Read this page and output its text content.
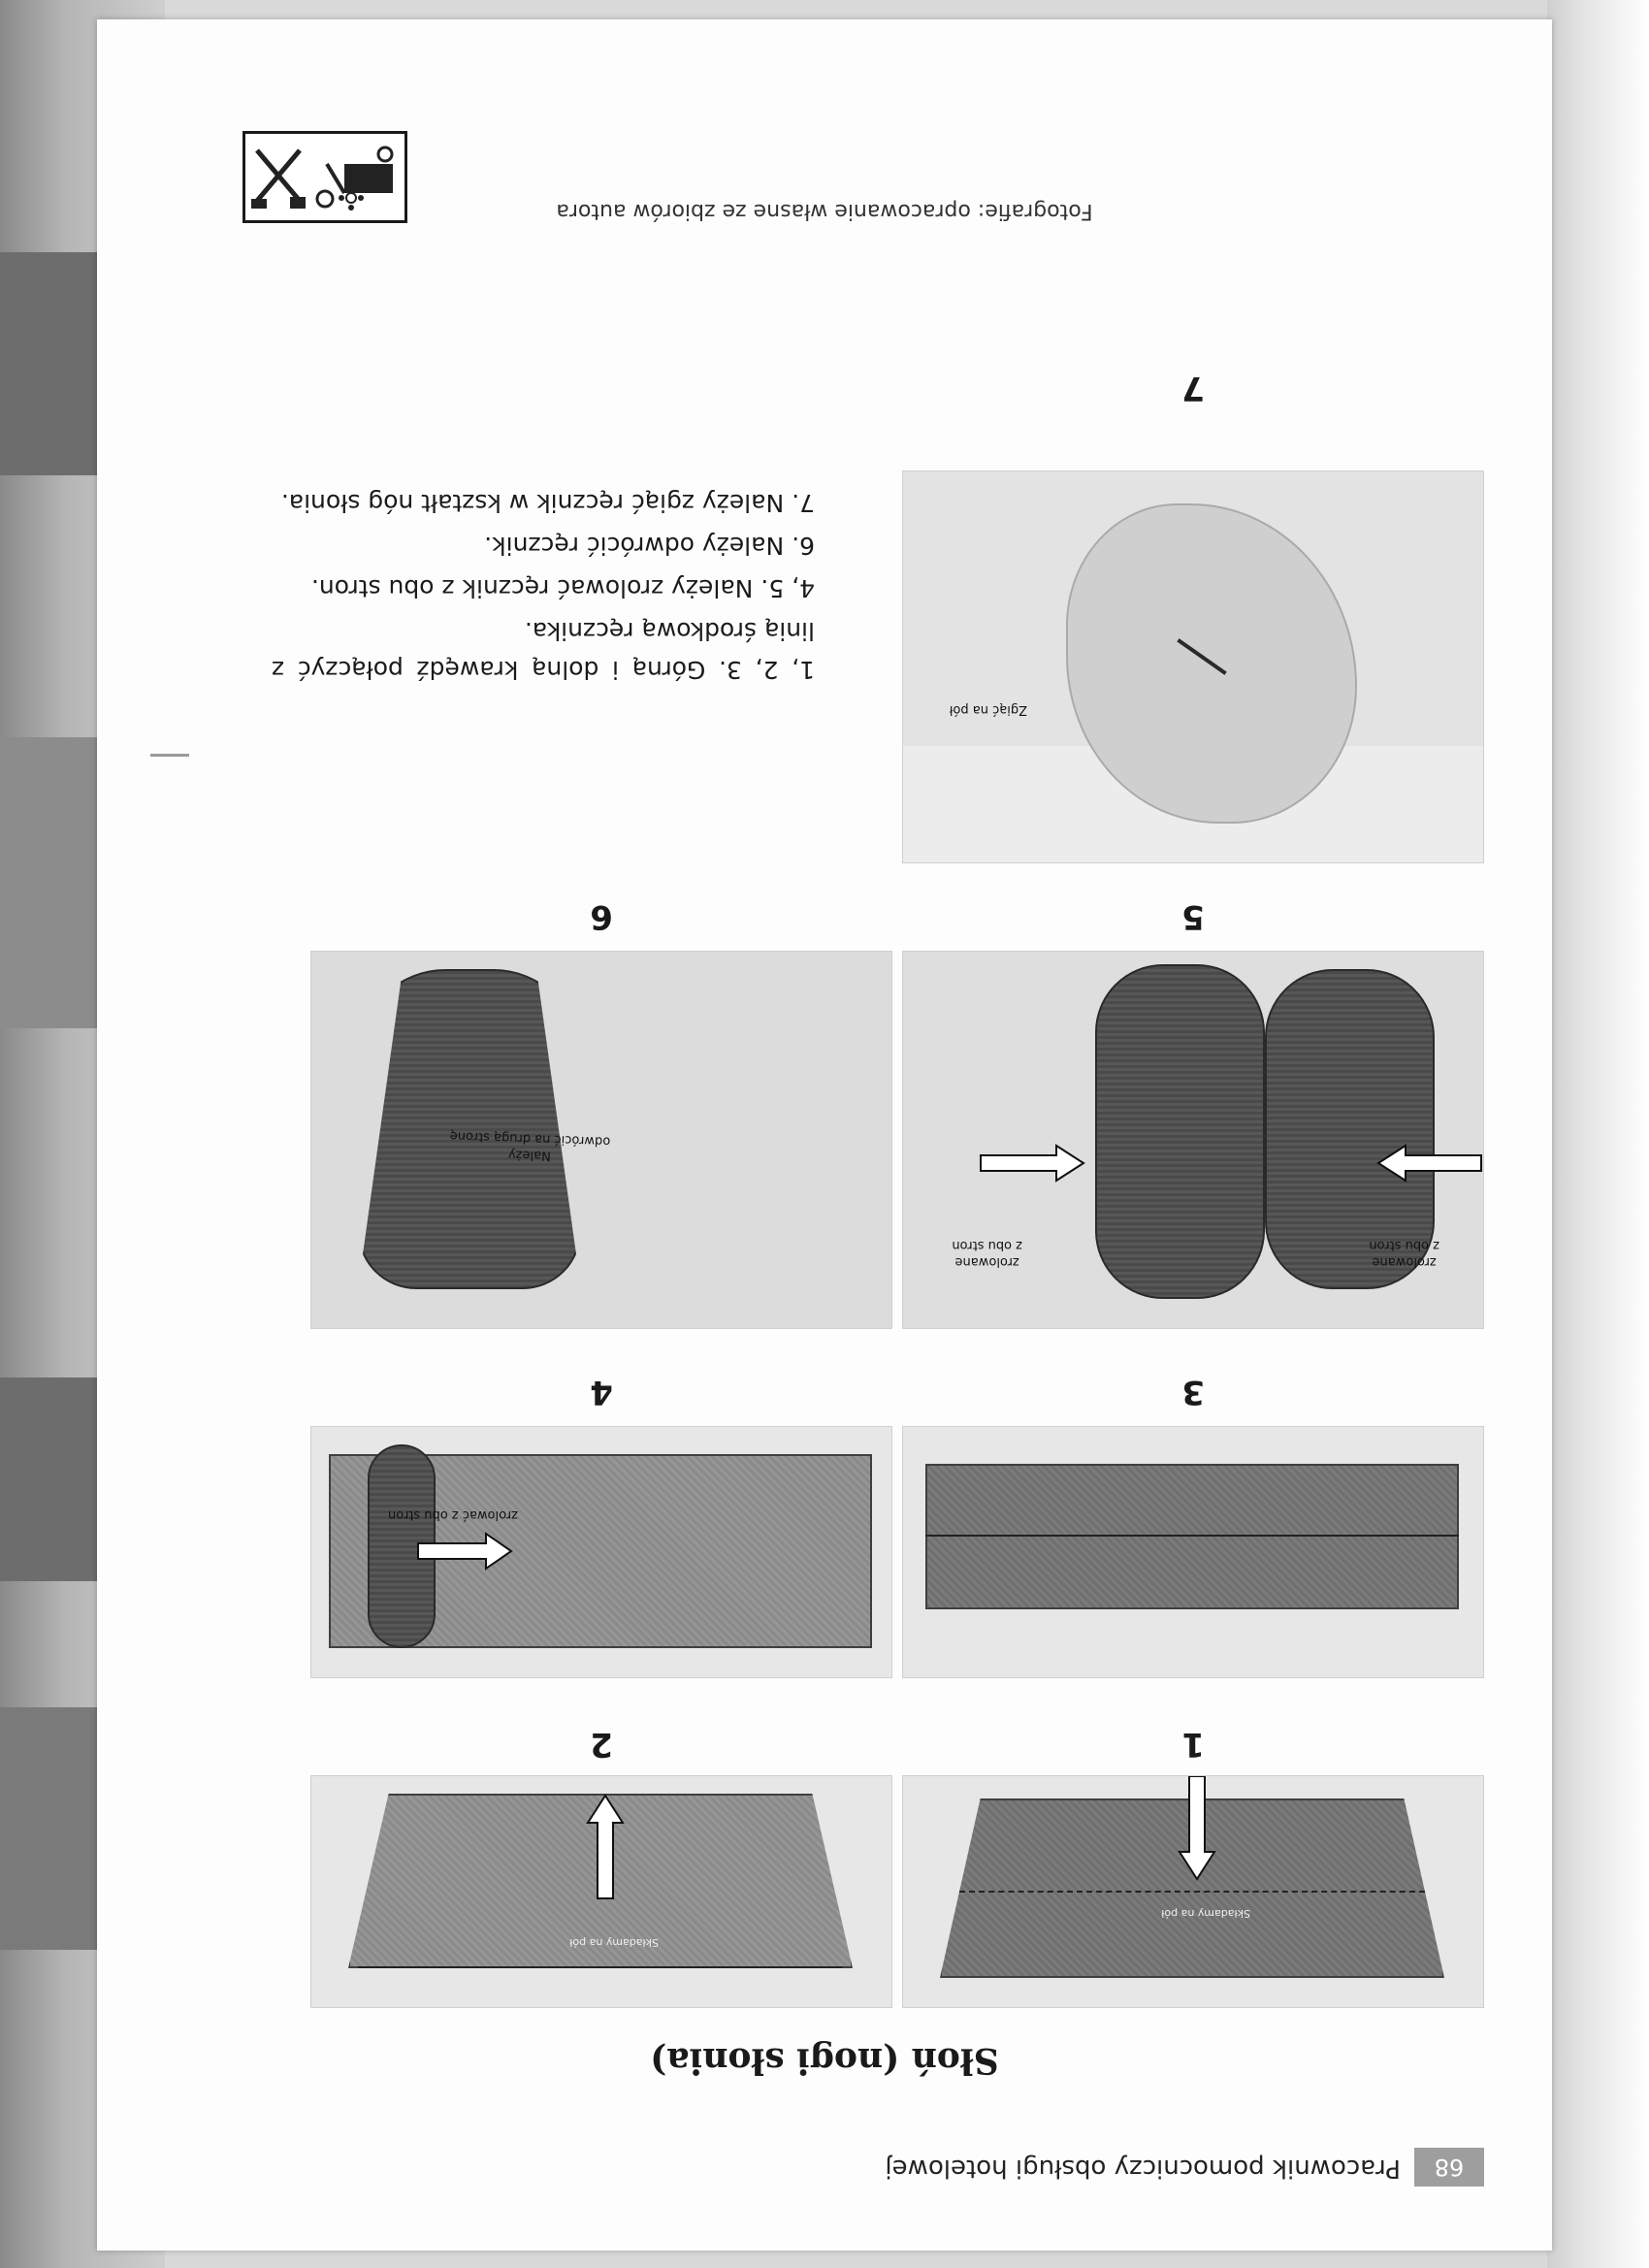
68
Pracownik pomocniczy obsługi hotelowej
Słoń (nogi słonia)
Składamy na pół
1
Składamy na pół
2
3
zrolować z obu stron
4
zrolowane
z obu stron
zrolowane
z obu stron
5
Należy
odwrócić na drugą stronę
6
Zgiąć na pół
7

1, 2, 3. Górną i dolną krawędź połączyć z linią środkową ręcznika.

4, 5. Należy zrolować ręcznik z obu stron.

6. Należy odwrócić ręcznik.

7. Należy zgiąć ręcznik w kształt nóg słonia.

Fotografie: opracowanie własne ze zbiorów autora
